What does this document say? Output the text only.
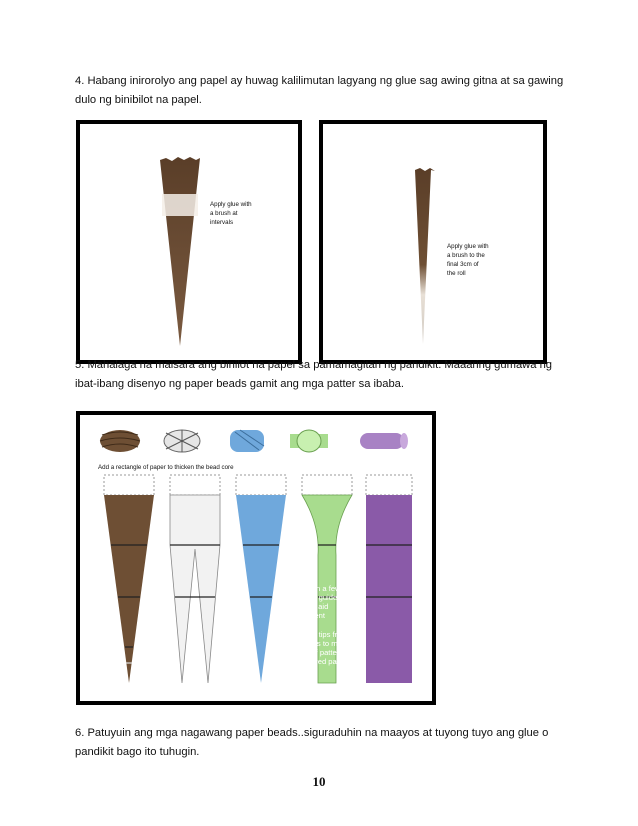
4. Habang inirorolyo ang papel ay huwag kalilimutan lagyang ng glue sag awing gitna at sa gawing dulo ng binibilot na papel.
Apply glue with
a brush at
intervals
Apply glue with
a brush to the
final 3cm of
the roll
5. Mahalaga na maisara ang binilot na papel sa pamamagitan ng pandikit. Maaaring gumawa ng ibat-ibang disenyo ng paper beads gamit ang mga patter sa ibaba.
Add a rectangle of paper to thicken the bead core
Draw on a few
parallel guide
lines to aid
alignment
Cut the tips from
triangles to make
more of patterned
or lettered papers
6. Patuyuin ang mga nagawang paper beads..siguraduhin na maayos at tuyong tuyo ang glue o pandikit bago ito tuhugin.
10
